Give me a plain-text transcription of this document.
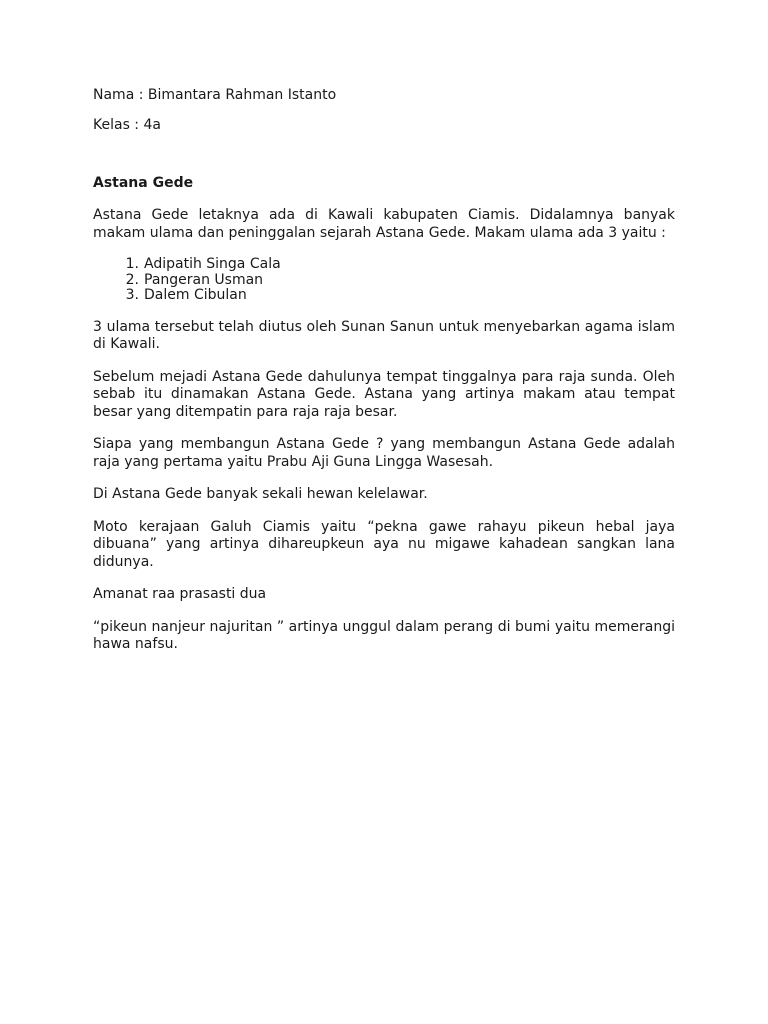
Nama : Bimantara Rahman Istanto

Kelas : 4a

Astana Gede

Astana Gede letaknya ada di Kawali kabupaten Ciamis. Didalamnya banyak makam ulama dan peninggalan sejarah Astana Gede. Makam ulama ada 3 yaitu :

1. Adipatih Singa Cala
2. Pangeran Usman
3. Dalem Cibulan

3 ulama tersebut telah diutus oleh Sunan Sanun untuk menyebarkan agama islam di Kawali.

Sebelum mejadi Astana Gede dahulunya tempat tinggalnya para raja sunda. Oleh sebab itu dinamakan Astana Gede. Astana yang artinya makam atau tempat besar yang ditempatin para raja raja besar.

Siapa yang membangun Astana Gede ? yang membangun Astana Gede adalah raja yang pertama yaitu Prabu Aji Guna Lingga Wasesah.

Di Astana Gede banyak sekali hewan kelelawar.

Moto kerajaan Galuh Ciamis yaitu “pekna gawe rahayu pikeun hebal jaya dibuana” yang artinya dihareupkeun aya nu migawe kahadean sangkan lana didunya.

Amanat raa prasasti dua

“pikeun nanjeur najuritan ” artinya unggul dalam perang di bumi yaitu memerangi hawa nafsu.
